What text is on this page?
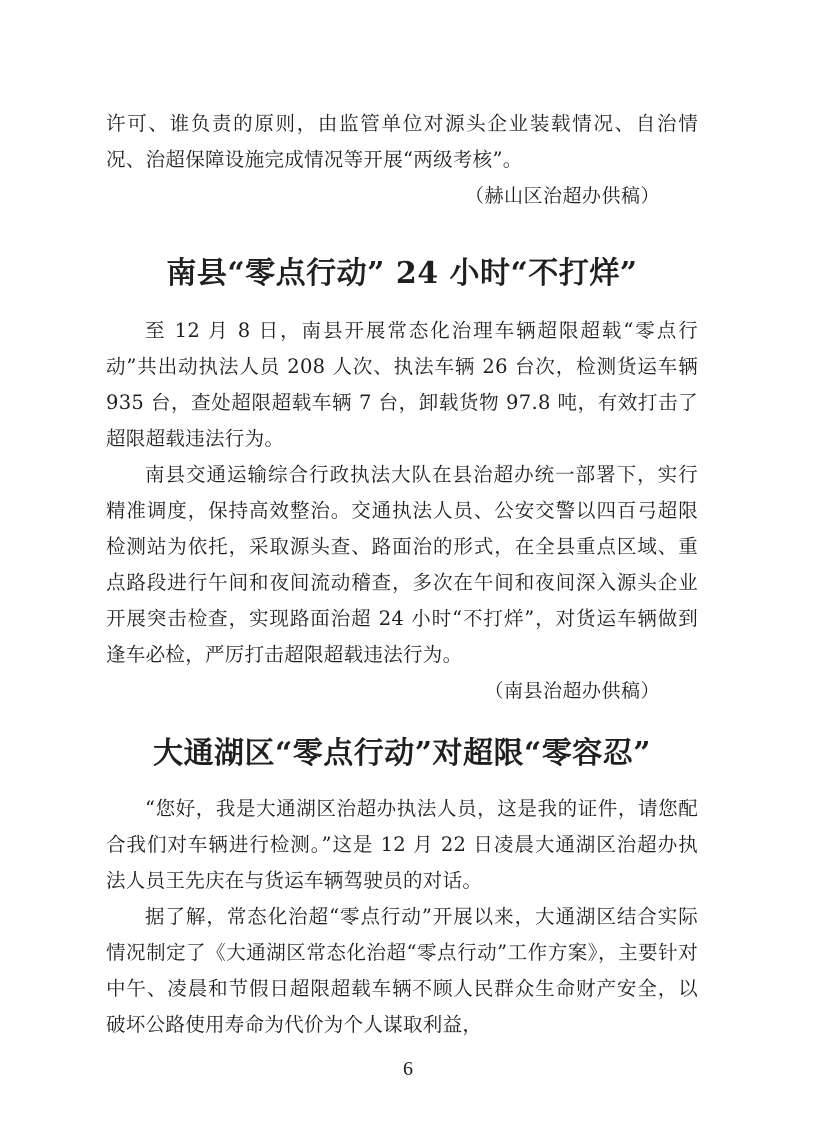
许可、谁负责的原则，由监管单位对源头企业装载情况、自治情况、治超保障设施完成情况等开展“两级考核”。

（赫山区治超办供稿）

南县“零点行动” 24 小时“不打烊”

至 12 月 8 日，南县开展常态化治理车辆超限超载“零点行动”共出动执法人员 208 人次、执法车辆 26 台次，检测货运车辆 935 台，查处超限超载车辆 7 台，卸载货物 97.8 吨，有效打击了超限超载违法行为。

南县交通运输综合行政执法大队在县治超办统一部署下，实行精准调度，保持高效整治。交通执法人员、公安交警以四百弓超限检测站为依托，采取源头查、路面治的形式，在全县重点区域、重点路段进行午间和夜间流动稽查，多次在午间和夜间深入源头企业开展突击检查，实现路面治超 24 小时“不打烊”，对货运车辆做到逢车必检，严厉打击超限超载违法行为。

（南县治超办供稿）

大通湖区“零点行动”对超限“零容忍”

“您好，我是大通湖区治超办执法人员，这是我的证件，请您配合我们对车辆进行检测。”这是 12 月 22 日凌晨大通湖区治超办执法人员王先庆在与货运车辆驾驶员的对话。

据了解，常态化治超“零点行动”开展以来，大通湖区结合实际情况制定了《大通湖区常态化治超“零点行动”工作方案》，主要针对中午、凌晨和节假日超限超载车辆不顾人民群众生命财产安全，以破坏公路使用寿命为代价为个人谋取利益，

6
